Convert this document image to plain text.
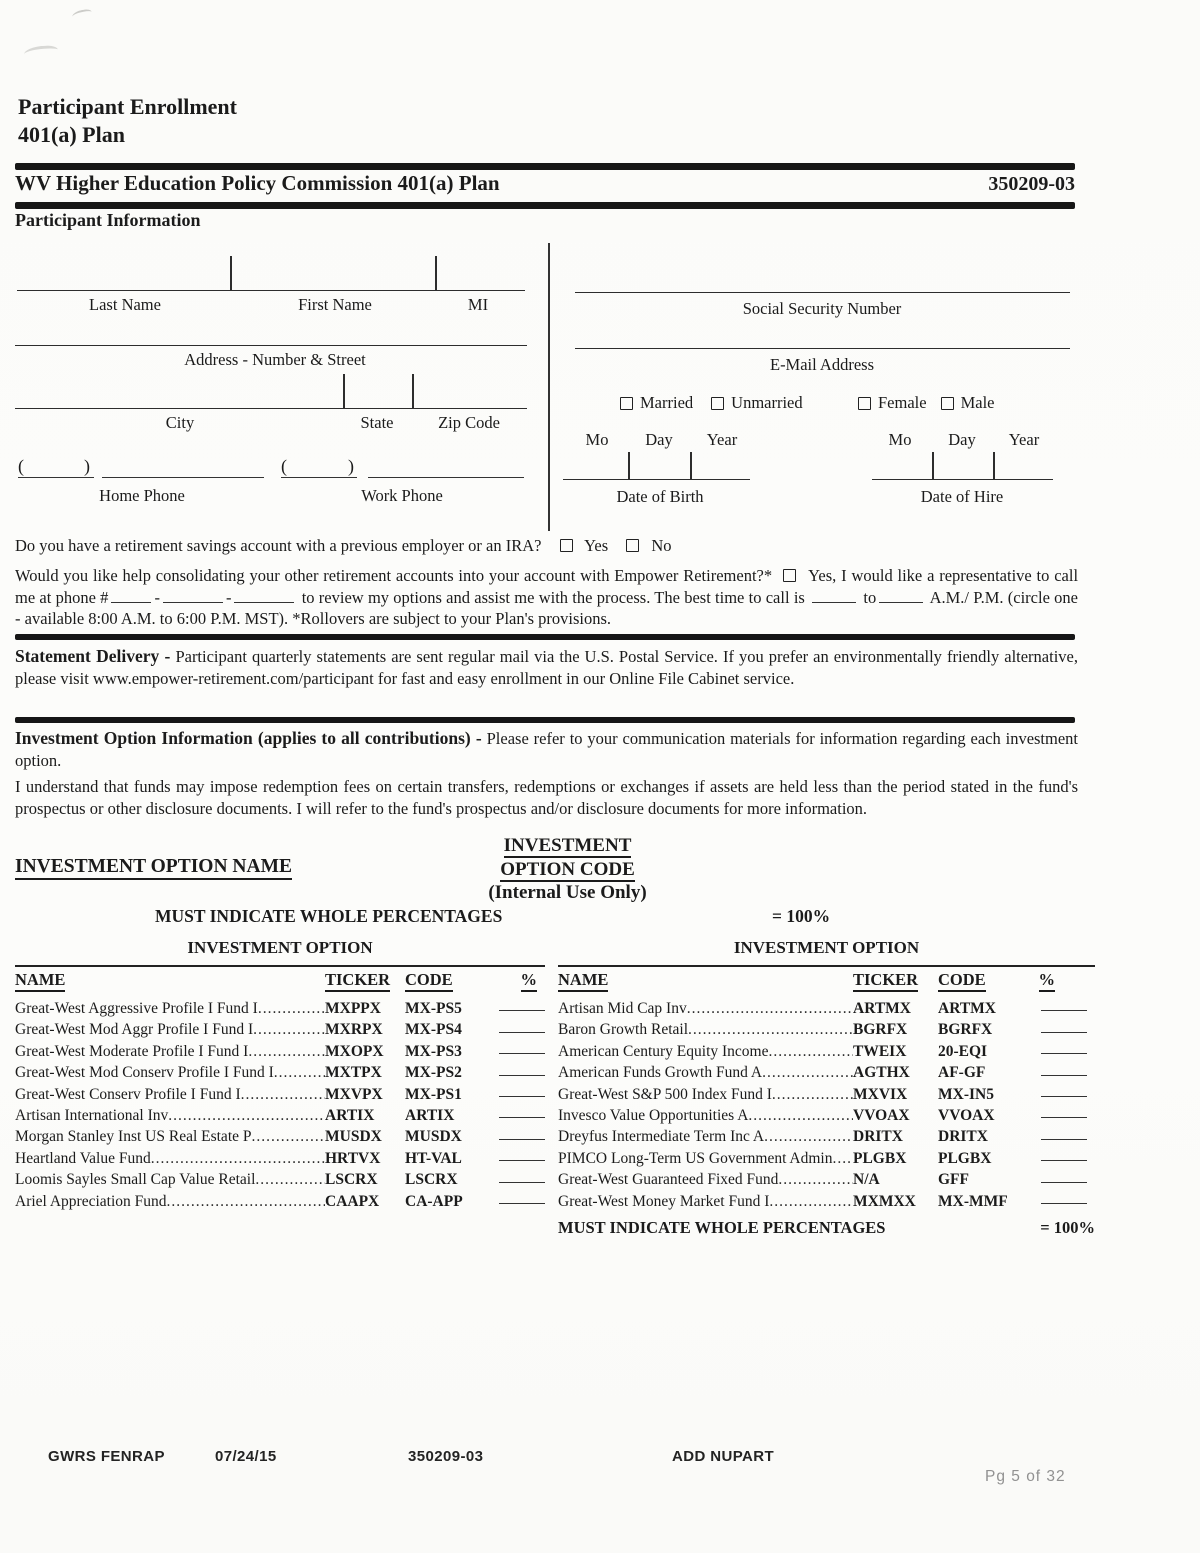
Participant Enrollment
401(a) Plan
WV Higher Education Policy Commission 401(a) Plan	350209-03
Participant Information
Last Name	First Name	MI
Address - Number & Street
City	State	Zip Code
(	)
Home Phone
(	)
Work Phone
Social Security Number
E-Mail Address
Married Unmarried	Female Male
Mo Day Year
Date of Birth
Mo Day Year
Date of Hire
Do you have a retirement savings account with a previous employer or an IRA?	Yes	No
Would you like help consolidating your other retirement accounts into your account with Empower Retirement?* Yes, I would like a representative to call me at phone #	-	-	to review my options and assist me with the process. The best time to call is	to	A.M./ P.M. (circle one - available 8:00 A.M. to 6:00 P.M. MST). *Rollovers are subject to your Plan's provisions.
Statement Delivery - Participant quarterly statements are sent regular mail via the U.S. Postal Service. If you prefer an environmentally friendly alternative, please visit www.empower-retirement.com/participant for fast and easy enrollment in our Online File Cabinet service.
Investment Option Information (applies to all contributions) - Please refer to your communication materials for information regarding each investment option.
I understand that funds may impose redemption fees on certain transfers, redemptions or exchanges if assets are held less than the period stated in the fund's prospectus or other disclosure documents. I will refer to the fund's prospectus and/or disclosure documents for more information.
INVESTMENT OPTION NAME
INVESTMENT
OPTION CODE
(Internal Use Only)
MUST INDICATE WHOLE PERCENTAGES	= 100%
INVESTMENT OPTION	INVESTMENT OPTION
NAME	TICKER CODE	% NAME	TICKER	CODE	%
Great-West Aggressive Profile I Fund I .....	MXPPX	MX-PS5
Great-West Mod Aggr Profile I Fund I .....	MXRPX	MX-PS4
Great-West Moderate Profile I Fund I .....	MXOPX	MX-PS3
Great-West Mod Conserv Profile I Fund I .....	MXTPX	MX-PS2
Great-West Conserv Profile I Fund I .....	MXVPX	MX-PS1
Artisan International Inv .....	ARTIX	ARTIX
Morgan Stanley Inst US Real Estate P .....	MUSDX	MUSDX
Heartland Value Fund .....	HRTVX	HT-VAL
Loomis Sayles Small Cap Value Retail .....	LSCRX	LSCRX
Ariel Appreciation Fund .....	CAAPX	CA-APP
Artisan Mid Cap Inv .....	ARTMX	ARTMX
Baron Growth Retail .....	BGRFX	BGRFX
American Century Equity Income .....	TWEIX	20-EQI
American Funds Growth Fund A .....	AGTHX	AF-GF
Great-West S&P 500 Index Fund I .....	MXVIX	MX-IN5
Invesco Value Opportunities A .....	VVOAX	VVOAX
Dreyfus Intermediate Term Inc A .....	DRITX	DRITX
PIMCO Long-Term US Government Admin ..... PLGBX	PLGBX
Great-West Guaranteed Fixed Fund .....	N/A	GFF
Great-West Money Market Fund I .....	MXMXX	MX-MMF
MUST INDICATE WHOLE PERCENTAGES	= 100%
GWRS FENRAP	07/24/15	350209-03	ADD NUPART
Pg 5 of 32
